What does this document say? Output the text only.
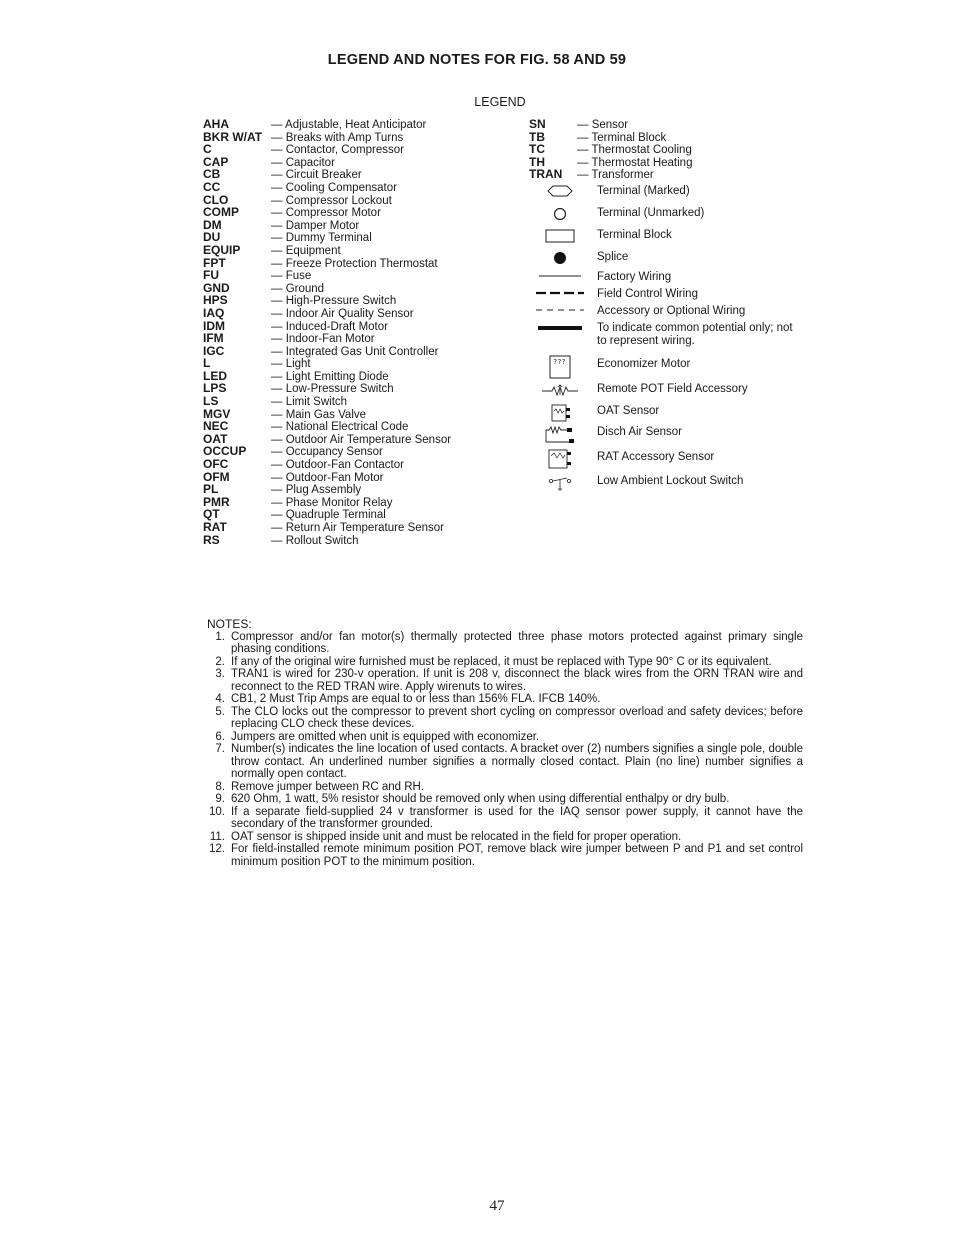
LEGEND AND NOTES FOR FIG. 58 AND 59
LEGEND
AHA	— Adjustable, Heat Anticipator
BKR W/AT — Breaks with Amp Turns
C	— Contactor, Compressor
CAP	— Capacitor
CB	— Circuit Breaker
CC	— Cooling Compensator
CLO	— Compressor Lockout
COMP	— Compressor Motor
DM	— Damper Motor
DU	— Dummy Terminal
EQUIP	— Equipment
FPT	— Freeze Protection Thermostat
FU	— Fuse
GND	— Ground
HPS	— High-Pressure Switch
IAQ	— Indoor Air Quality Sensor
IDM	— Induced-Draft Motor
IFM	— Indoor-Fan Motor
IGC	— Integrated Gas Unit Controller
L	— Light
LED	— Light Emitting Diode
LPS	— Low-Pressure Switch
LS	— Limit Switch
MGV	— Main Gas Valve
NEC	— National Electrical Code
OAT	— Outdoor Air Temperature Sensor
OCCUP — Occupancy Sensor
OFC	— Outdoor-Fan Contactor
OFM	— Outdoor-Fan Motor
PL	— Plug Assembly
PMR	— Phase Monitor Relay
QT	— Quadruple Terminal
RAT	— Return Air Temperature Sensor
RS	— Rollout Switch
SN	— Sensor
TB	— Terminal Block
TC	— Thermostat Cooling
TH	— Thermostat Heating
TRAN — Transformer
Terminal (Marked)
Terminal (Unmarked)
Terminal Block
Splice
Factory Wiring
Field Control Wiring
Accessory or Optional Wiring
To indicate common potential only; not to represent wiring.
???	Economizer Motor
Remote POT Field Accessory
OAT Sensor
Disch Air Sensor
RAT Accessory Sensor
Low Ambient Lockout Switch
NOTES:
1. Compressor and/or fan motor(s) thermally protected three phase motors protected against primary single phasing conditions.
2. If any of the original wire furnished must be replaced, it must be replaced with Type 90° C or its equivalent.
3. TRAN1 is wired for 230-v operation. If unit is 208 v, disconnect the black wires from the ORN TRAN wire and reconnect to the RED TRAN wire. Apply wirenuts to wires.
4. CB1, 2 Must Trip Amps are equal to or less than 156% FLA. IFCB 140%.
5. The CLO locks out the compressor to prevent short cycling on compressor overload and safety devices; before replacing CLO check these devices.
6. Jumpers are omitted when unit is equipped with economizer.
7. Number(s) indicates the line location of used contacts. A bracket over (2) numbers signifies a single pole, double throw contact. An underlined number signifies a normally closed contact. Plain (no line) number signifies a normally open contact.
8. Remove jumper between RC and RH.
9. 620 Ohm, 1 watt, 5% resistor should be removed only when using differential enthalpy or dry bulb.
10. If a separate field-supplied 24 v transformer is used for the IAQ sensor power supply, it cannot have the secondary of the transformer grounded.
11. OAT sensor is shipped inside unit and must be relocated in the field for proper operation.
12. For field-installed remote minimum position POT, remove black wire jumper between P and P1 and set control minimum position POT to the minimum position.
47
